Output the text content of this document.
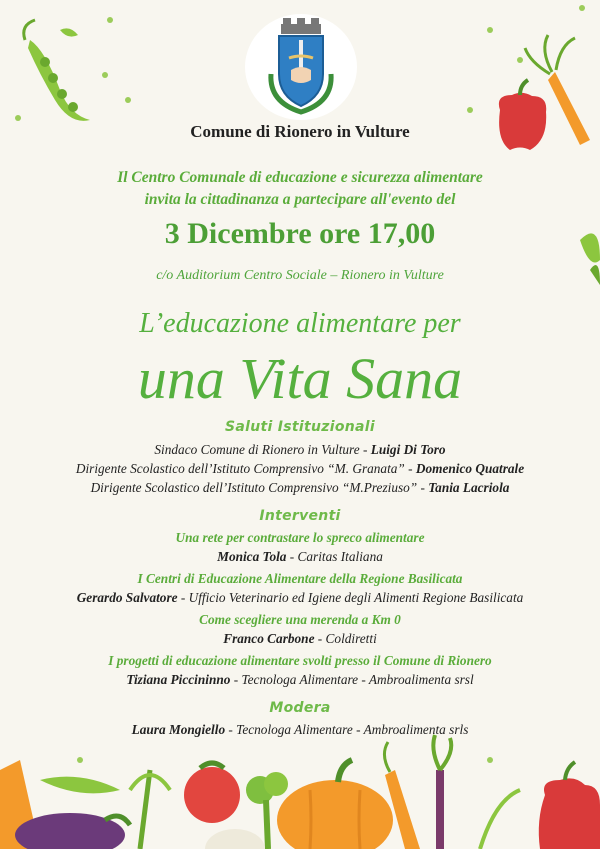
Comune di Rionero in Vulture
Il Centro Comunale di educazione e sicurezza alimentare
invita la cittadinanza a partecipare all'evento del
3 Dicembre ore 17,00
c/o Auditorium Centro Sociale – Rionero in Vulture
L’educazione alimentare per
una Vita Sana
Saluti Istituzionali
Sindaco Comune di Rionero in Vulture - Luigi Di Toro
Dirigente Scolastico dell’Istituto Comprensivo “M. Granata” - Domenico Quatrale
Dirigente Scolastico dell’Istituto Comprensivo “M.Preziuso” - Tania Lacriola
Interventi
Una rete per contrastare lo spreco alimentare
Monica Tola - Caritas Italiana
I Centri di Educazione Alimentare della Regione Basilicata
Gerardo Salvatore - Ufficio Veterinario ed Igiene degli Alimenti Regione Basilicata
Come scegliere una merenda a Km 0
Franco Carbone - Coldiretti
I progetti di educazione alimentare svolti presso il Comune di Rionero
Tiziana Piccininno - Tecnologa Alimentare - Ambroalimenta srsl
Modera
Laura Mongiello - Tecnologa Alimentare - Ambroalimenta srls
